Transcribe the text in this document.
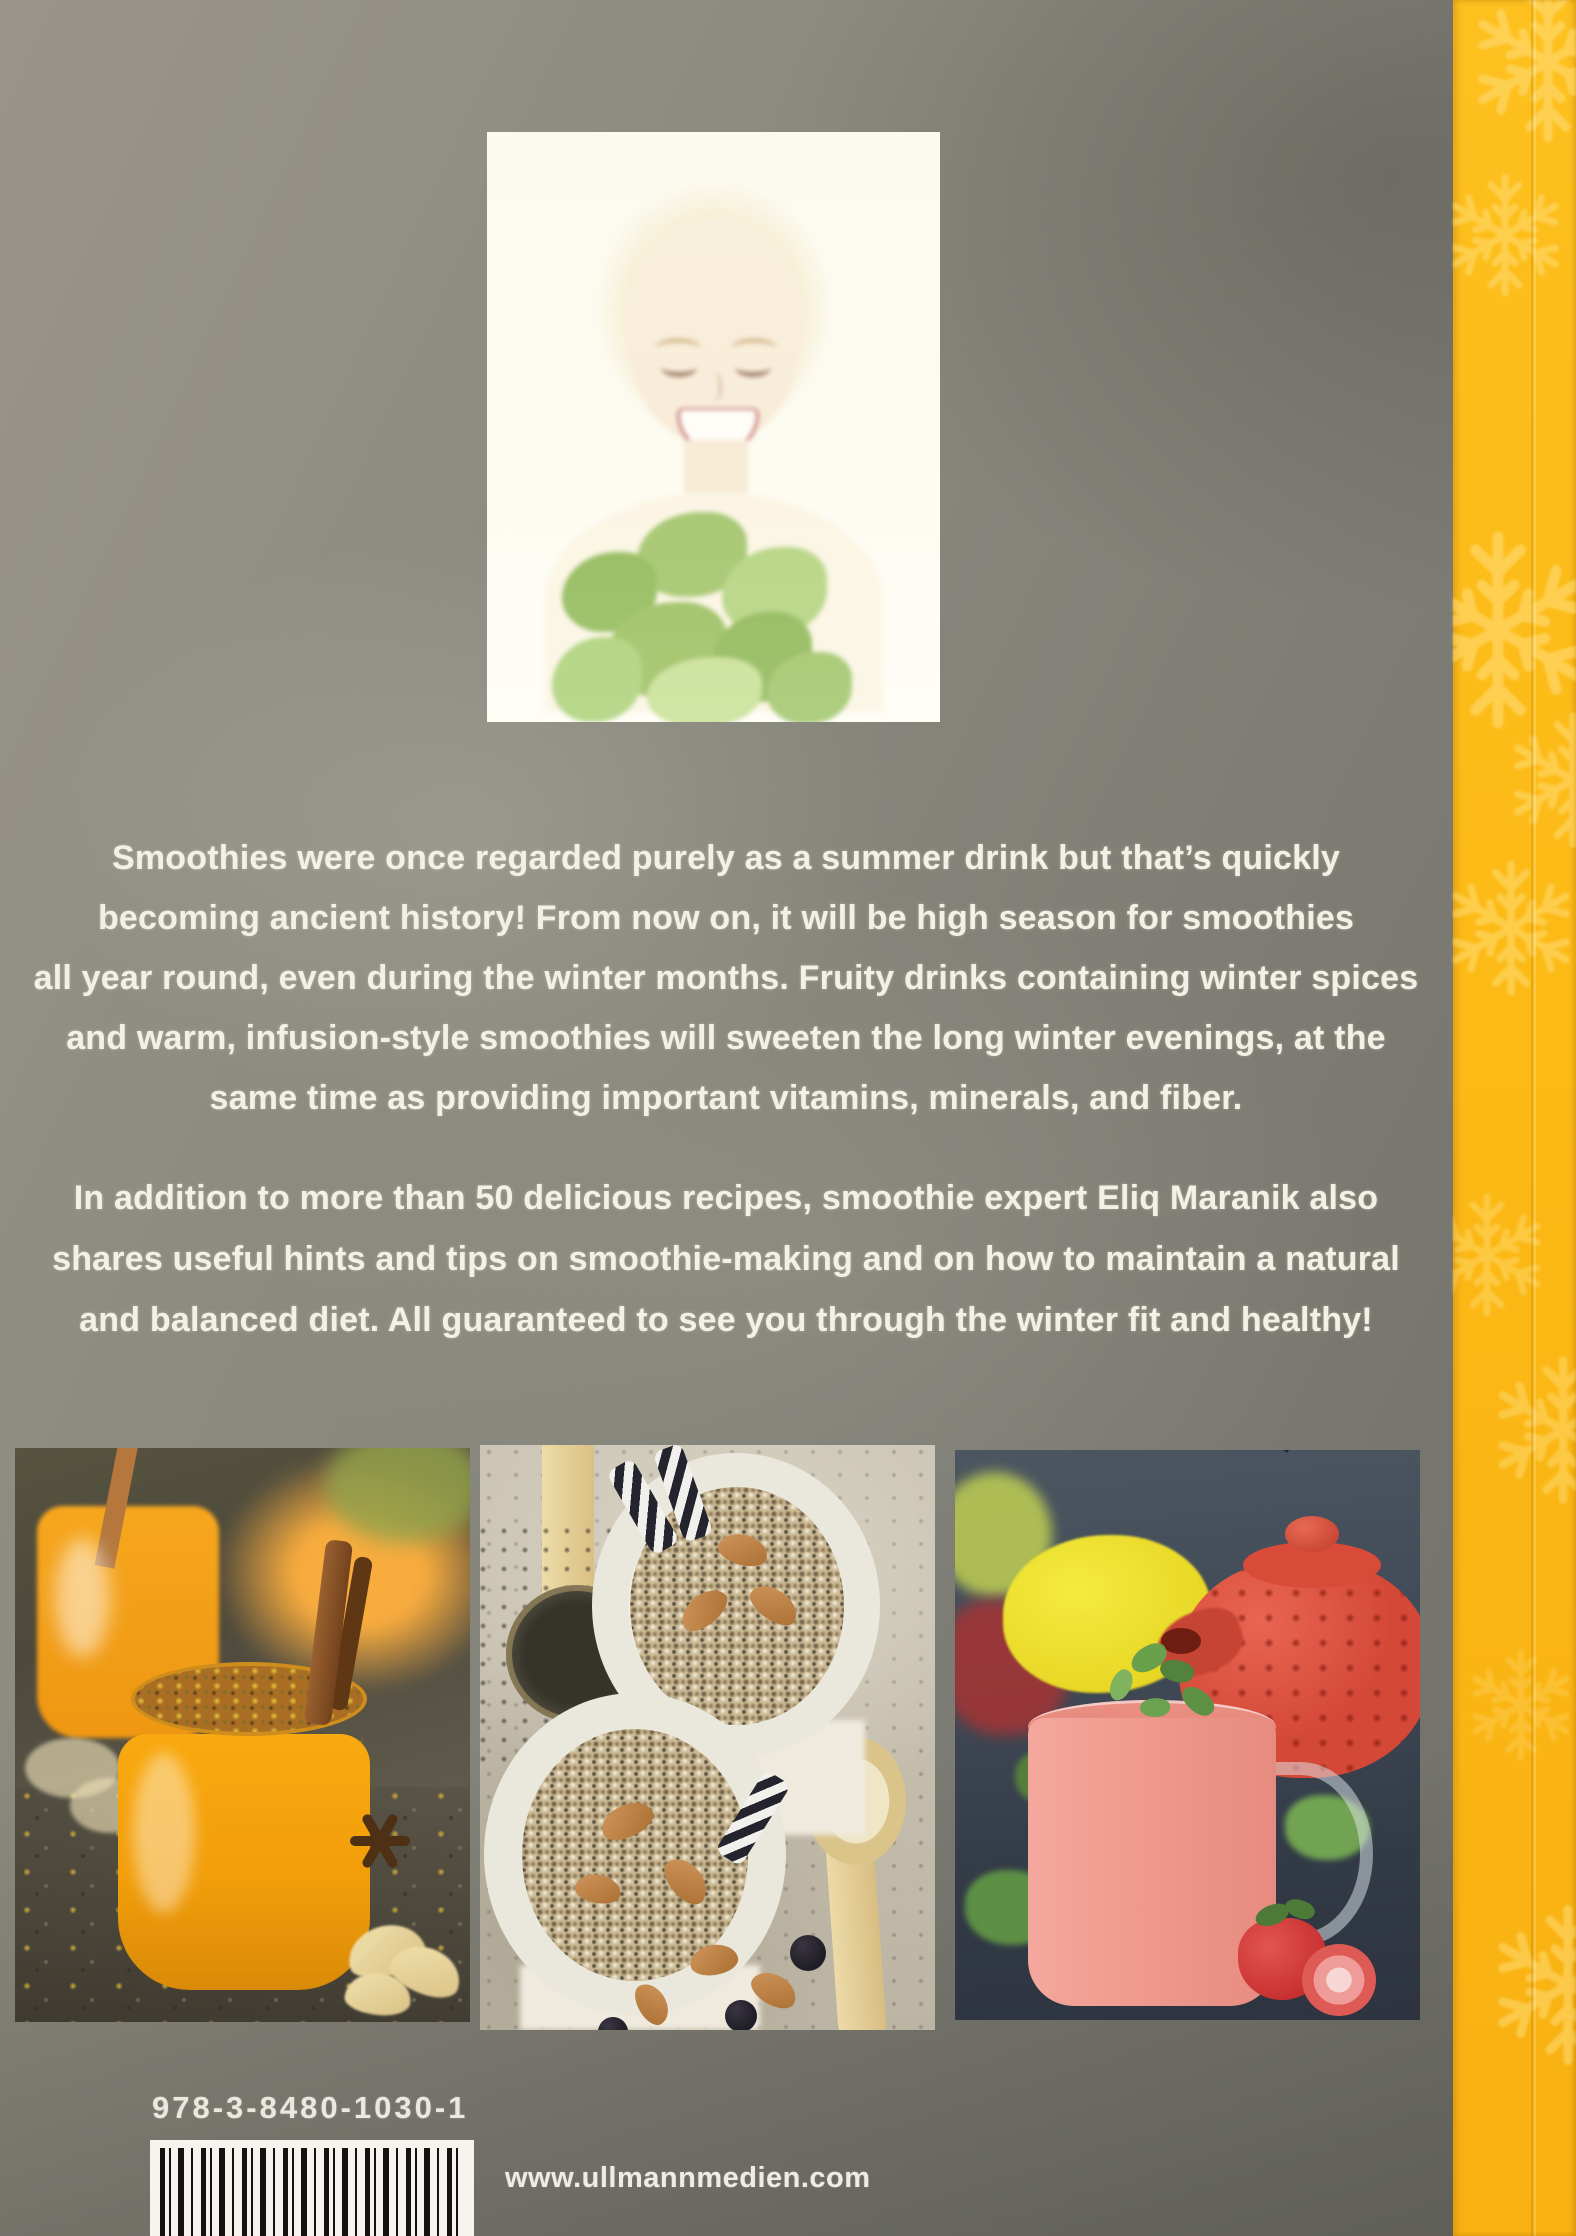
Smoothies were once regarded purely as a summer drink but that’s quickly
becoming ancient history! From now on, it will be high season for smoothies
all year round, even during the winter months. Fruity drinks containing winter spices
and warm, infusion-style smoothies will sweeten the long winter evenings, at the
same time as providing important vitamins, minerals, and fiber.
In addition to more than 50 delicious recipes, smoothie expert Eliq Maranik also
shares useful hints and tips on smoothie-making and on how to maintain a natural
and balanced diet. All guaranteed to see you through the winter fit and healthy!
978-3-8480-1030-1
www.ullmannmedien.com
